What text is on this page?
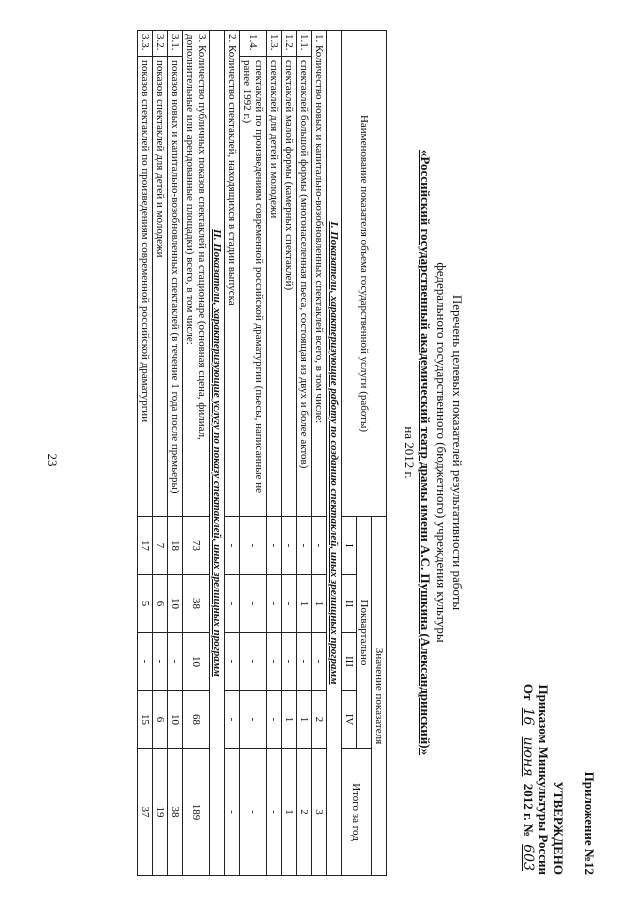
23
Приложение №12
УТВЕРЖДЕНО
Приказом Минкультуры России
От 16 июня 2012 г. № 603
Перечень целевых показателей результативности работы
федерального государственного (бюджетного) учреждения культуры
«Российский государственный академический театр драмы имени А.С. Пушкина (Александринский)»
на 2012 г.
Наименование показателя объема государственной услуги (работы)		Значение показателя				
		Поквартально				Итого за год
		I	II	III	IV	
I. Показатели, характеризующие работу по созданию спектаклей, иных зрелищных программ						
1. Количество новых и капитально-возобновленных спектаклей всего, в том числе:		-	1	-	2	3
1.1.	спектаклей большой формы (многонаселенная пьеса, состоящая из двух и более актов)	-	1	-	1	2
1.2.	спектаклей малой формы (камерных спектаклей)	-	-	-	1	1
1.3.	спектаклей для детей и молодежи	-	-	-	-	-
1.4.	спектаклей по произведениям современной российской драматургии (пьесы, написанные не ранее 1992 г.)	-	-	-	-	-
2. Количество спектаклей, находящихся в стадии выпуска		-	-	-	-	-
II. Показатели, характеризующие услугу по показу спектаклей, иных зрелищных программ						
3. Количество публичных показов спектаклей на стационаре (основная сцена, филиал, дополнительные или арендованные площадки) всего, в том числе:		73	38	10	68	189
3.1.	показов новых и капитально-возобновленных спектаклей (в течение 1 года после премьеры)	18	10	-	10	38
3.2.	показов спектаклей для детей и молодежи	7	6	-	6	19
3.3.	показов спектаклей по произведениям современной российской драматургии	17	5	-	15	37
